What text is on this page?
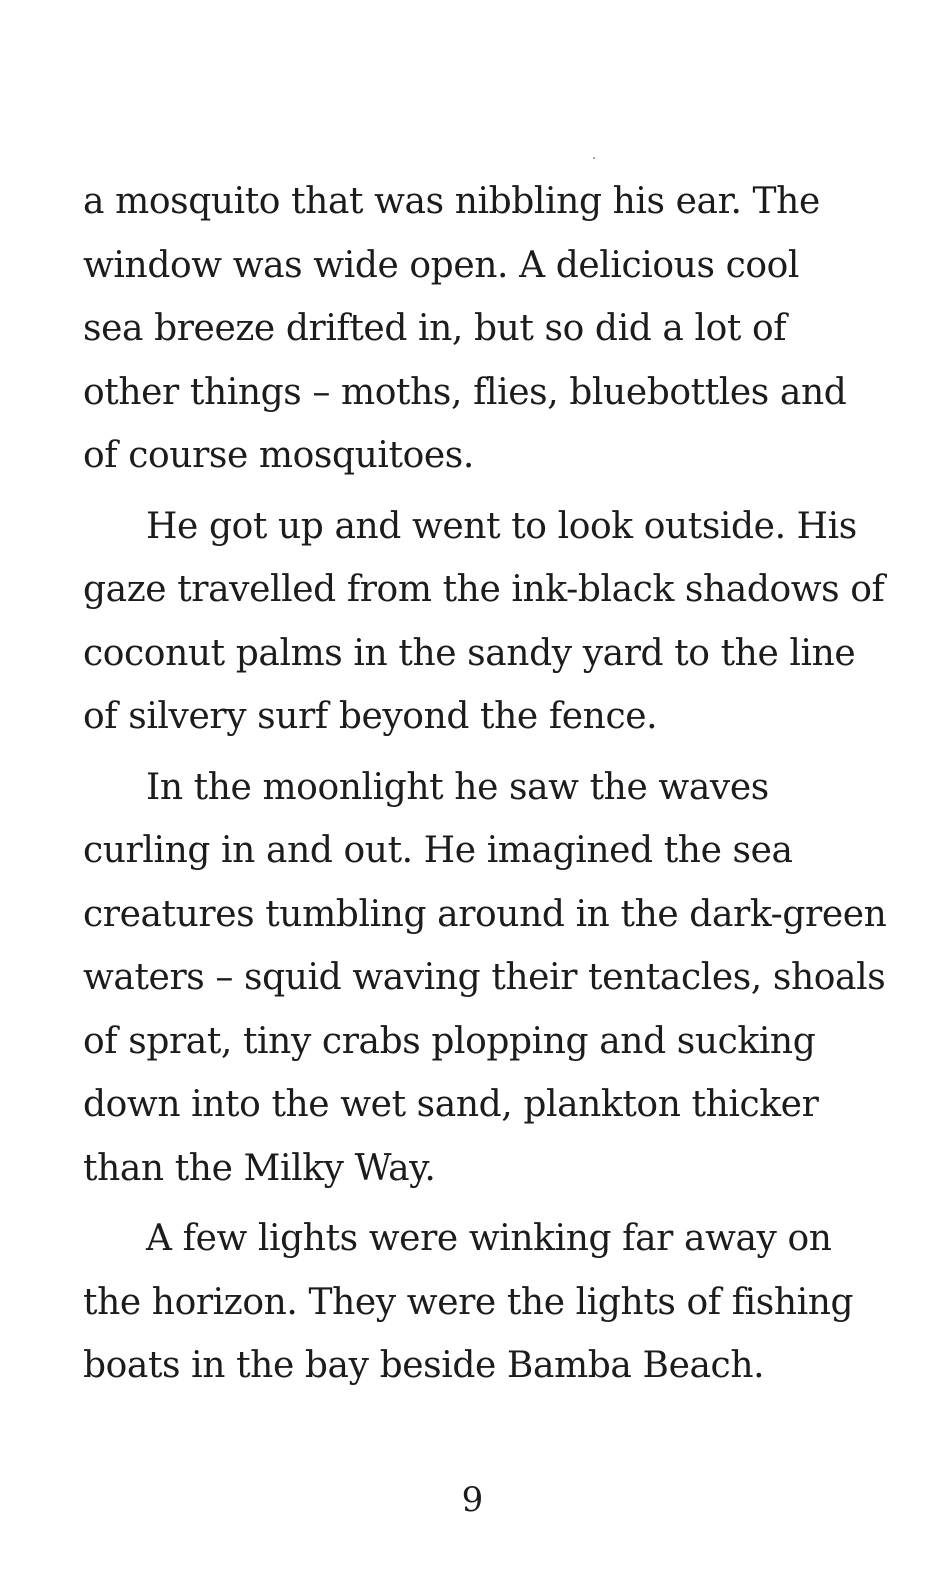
a mosquito that was nibbling his ear. The
window was wide open. A delicious cool
sea breeze drifted in, but so did a lot of
other things – moths, flies, bluebottles and
of course mosquitoes.

He got up and went to look outside. His
gaze travelled from the ink-black shadows of
coconut palms in the sandy yard to the line
of silvery surf beyond the fence.

In the moonlight he saw the waves
curling in and out. He imagined the sea
creatures tumbling around in the dark-green
waters – squid waving their tentacles, shoals
of sprat, tiny crabs plopping and sucking
down into the wet sand, plankton thicker
than the Milky Way.

A few lights were winking far away on
the horizon. They were the lights of fishing
boats in the bay beside Bamba Beach.

9
